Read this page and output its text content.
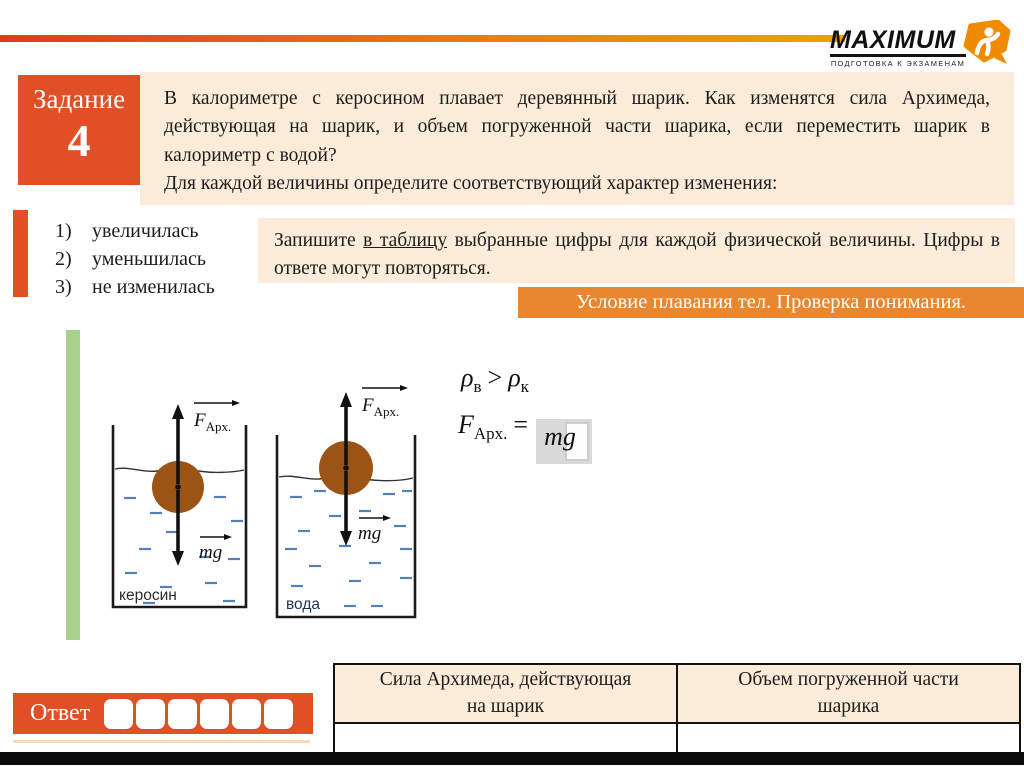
MAXIMUM
ПОДГОТОВКА К ЭКЗАМЕНАМ
Задание
4
В калориметре с керосином плавает деревянный шарик. Как изменятся сила Архимеда, действующая на шарик, и объем погруженной части шарика, если переместить шарик в калориметр с водой?
Для каждой величины определите соответствующий характер изменения:
1)	увеличилась
2)	уменьшилась
3)	не изменилась
Запишите в таблицу выбранные цифры для каждой физической величины. Цифры в ответе могут повторяться.
Условие плавания тел. Проверка понимания.
$F_{Арх.}$
mg
керосин
$F_{Арх.}$
mg
вода
$\rho_в > \rho_к$
$F_{Арх.}$ = mg
Сила Архимеда, действующая на шарик	Объем погруженной части шарика

Ответ
